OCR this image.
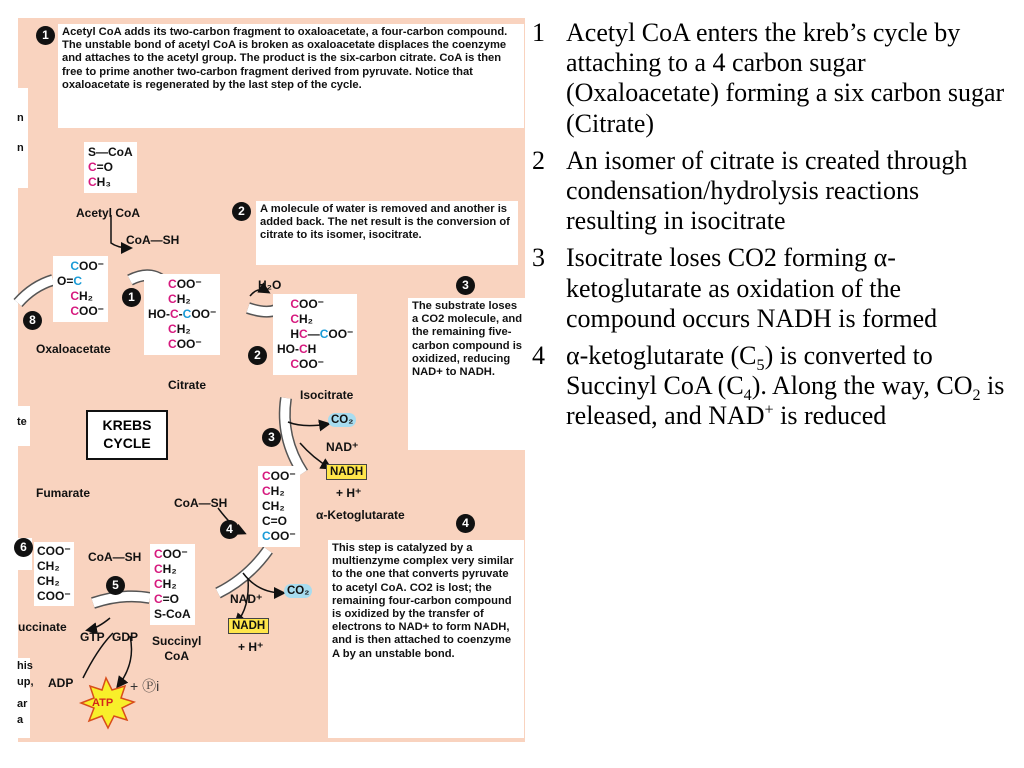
1	Acetyl CoA adds its two-carbon fragment to oxaloacetate, a four-carbon compound. The unstable bond of acetyl CoA is broken as oxaloacetate displaces the coenzyme and attaches to the acetyl group. The product is the six-carbon citrate. CoA is then free to prime another two-carbon fragment derived from pyruvate. Notice that oxaloacetate is regenerated by the last step of the cycle.
S—CoA
C=O
CH₃
Acetyl CoA
CoA—SH
2	A molecule of water is removed and another is added back. The net result is the conversion of citrate to its isomer, isocitrate.
COO⁻
O=C
CH₂
COO⁻
8
Oxaloacetate
1
COO⁻
CH₂
HO-C-COO⁻
CH₂
COO⁻
Citrate
H₂O
2
COO⁻
CH₂
HC—COO⁻
HO-CH
COO⁻
Isocitrate
3
The substrate loses a CO2 molecule, and the remaining five-carbon compound is oxidized, reducing NAD+ to NADH.
KREBS CYCLE	3
CO₂
NAD⁺
NADH
+ H⁺
COO⁻
CH₂
CH₂
C=O
COO⁻
α-Ketoglutarate
Fumarate
CoA—SH
4	4
This step is catalyzed by a multienzyme complex very similar to the one that converts pyruvate to acetyl CoA. CO2 is lost; the remaining four-carbon compound is oxidized by the transfer of electrons to NAD+ to form NADH, and is then attached to coenzyme A by an unstable bond.
6 COO⁻
CH₂
CH₂
COO⁻
uccinate
CoA—SH
5
COO⁻
CH₂
CH₂
C=O
S-CoA
Succinyl
CoA
GTP GDP
ADP
ATP
+ Ⓟi
NAD⁺
CO₂
NADH
+ H⁺
n
n
te
his
up,
ar
a
1 Acetyl CoA enters the kreb’s cycle by attaching to a 4 carbon sugar (Oxaloacetate) forming a six carbon sugar (Citrate)
2 An isomer of citrate is created through condensation/hydrolysis reactions resulting in isocitrate
3 Isocitrate loses CO2 forming α-ketoglutarate as oxidation of the compound occurs NADH is formed
4 α-ketoglutarate $(C_5)$ is converted to Succinyl CoA $(C_4)$. Along the way, $CO_2$ is released, and NAD+ is reduced
